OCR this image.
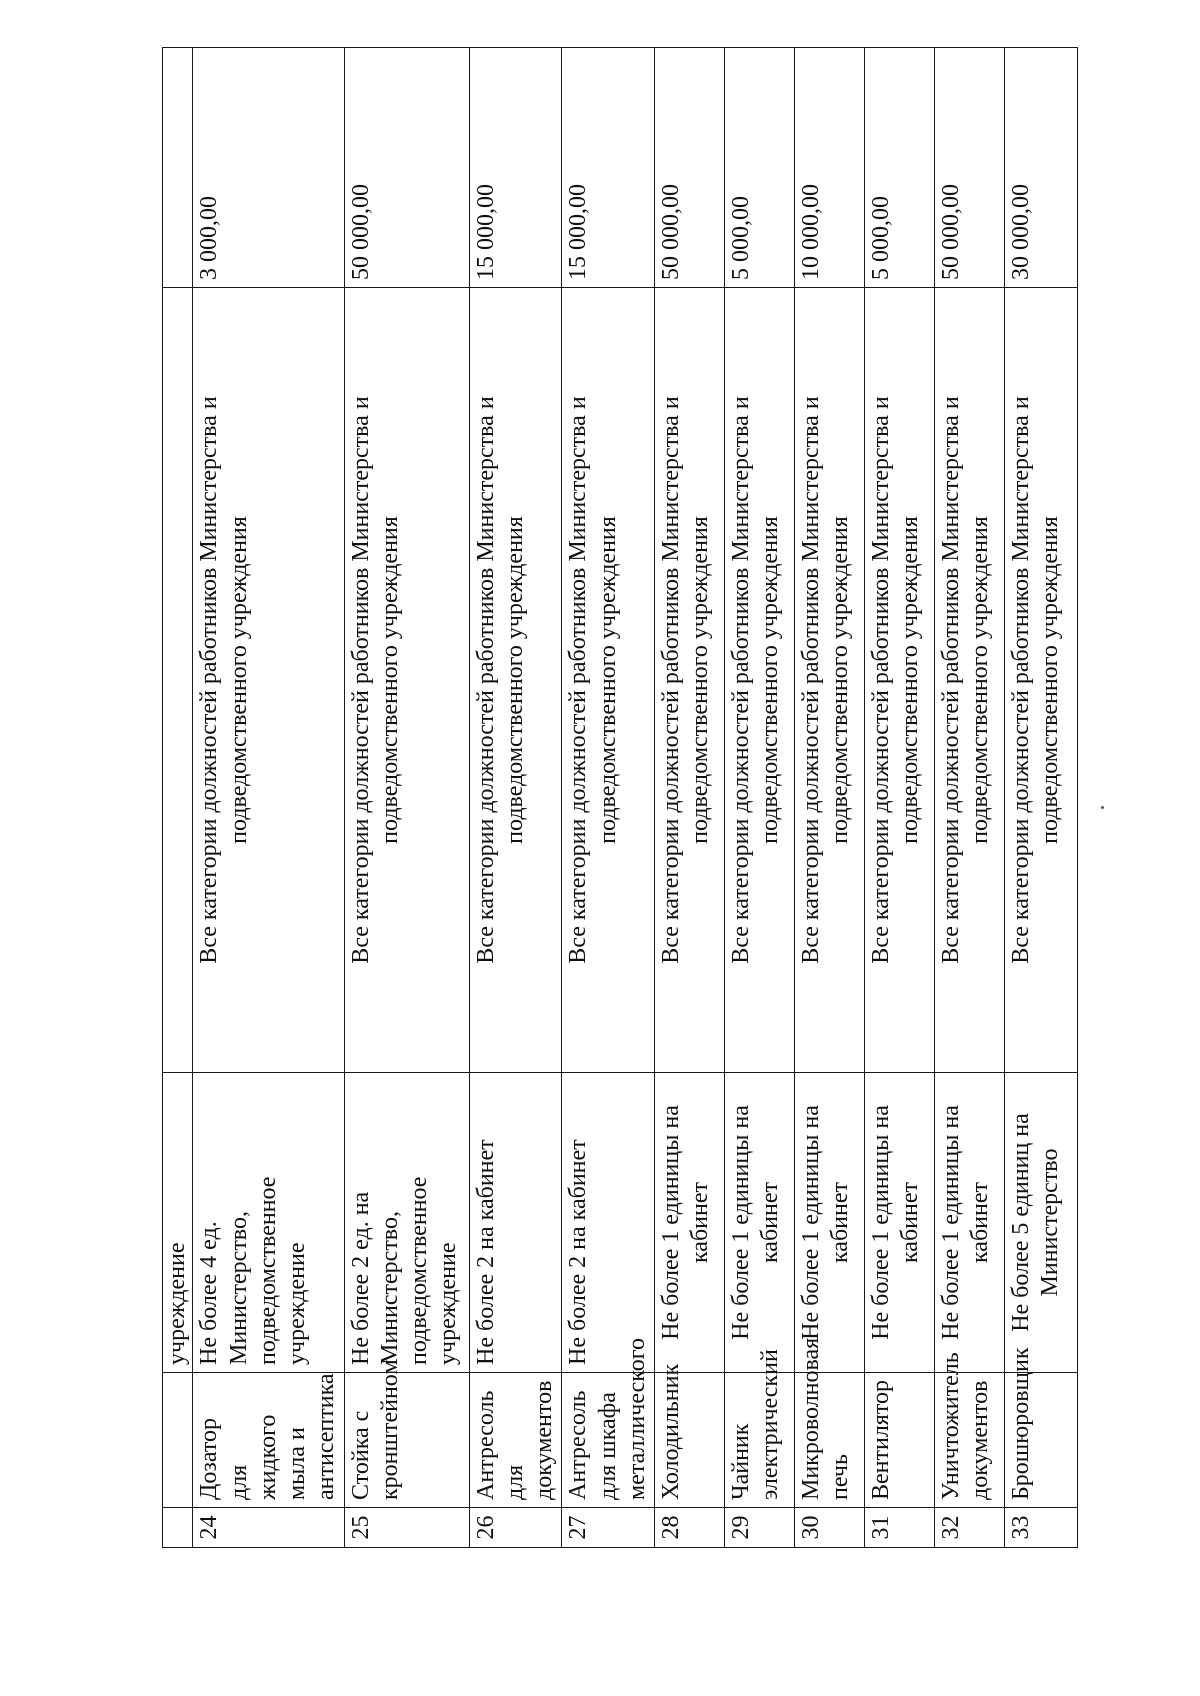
		учреждение		
24	Дозатор для жидкого мыла и антисептика	Не более 4 ед. Министерство, подведомственное учреждение	Все категории должностей работников Министерства и подведомственного учреждения	3 000,00
25	Стойка с кронштейном	Не более 2 ед. на Министерство, подведомственное учреждение	Все категории должностей работников Министерства и подведомственного учреждения	50 000,00
26	Антресоль для документов	Не более 2 на кабинет	Все категории должностей работников Министерства и подведомственного учреждения	15 000,00
27	Антресоль для шкафа металлического	Не более 2 на кабинет	Все категории должностей работников Министерства и подведомственного учреждения	15 000,00
28	Холодильник	Не более 1 единицы на кабинет	Все категории должностей работников Министерства и подведомственного учреждения	50 000,00
29	Чайник электрический	Не более 1 единицы на кабинет	Все категории должностей работников Министерства и подведомственного учреждения	5 000,00
30	Микроволновая печь	Не более 1 единицы на кабинет	Все категории должностей работников Министерства и подведомственного учреждения	10 000,00
31	Вентилятор	Не более 1 единицы на кабинет	Все категории должностей работников Министерства и подведомственного учреждения	5 000,00
32	Уничтожитель документов	Не более 1 единицы на кабинет	Все категории должностей работников Министерства и подведомственного учреждения	50 000,00
33	Брошюровщик	Не более 5 единиц на Министерство	Все категории должностей работников Министерства и подведомственного учреждения	30 000,00
